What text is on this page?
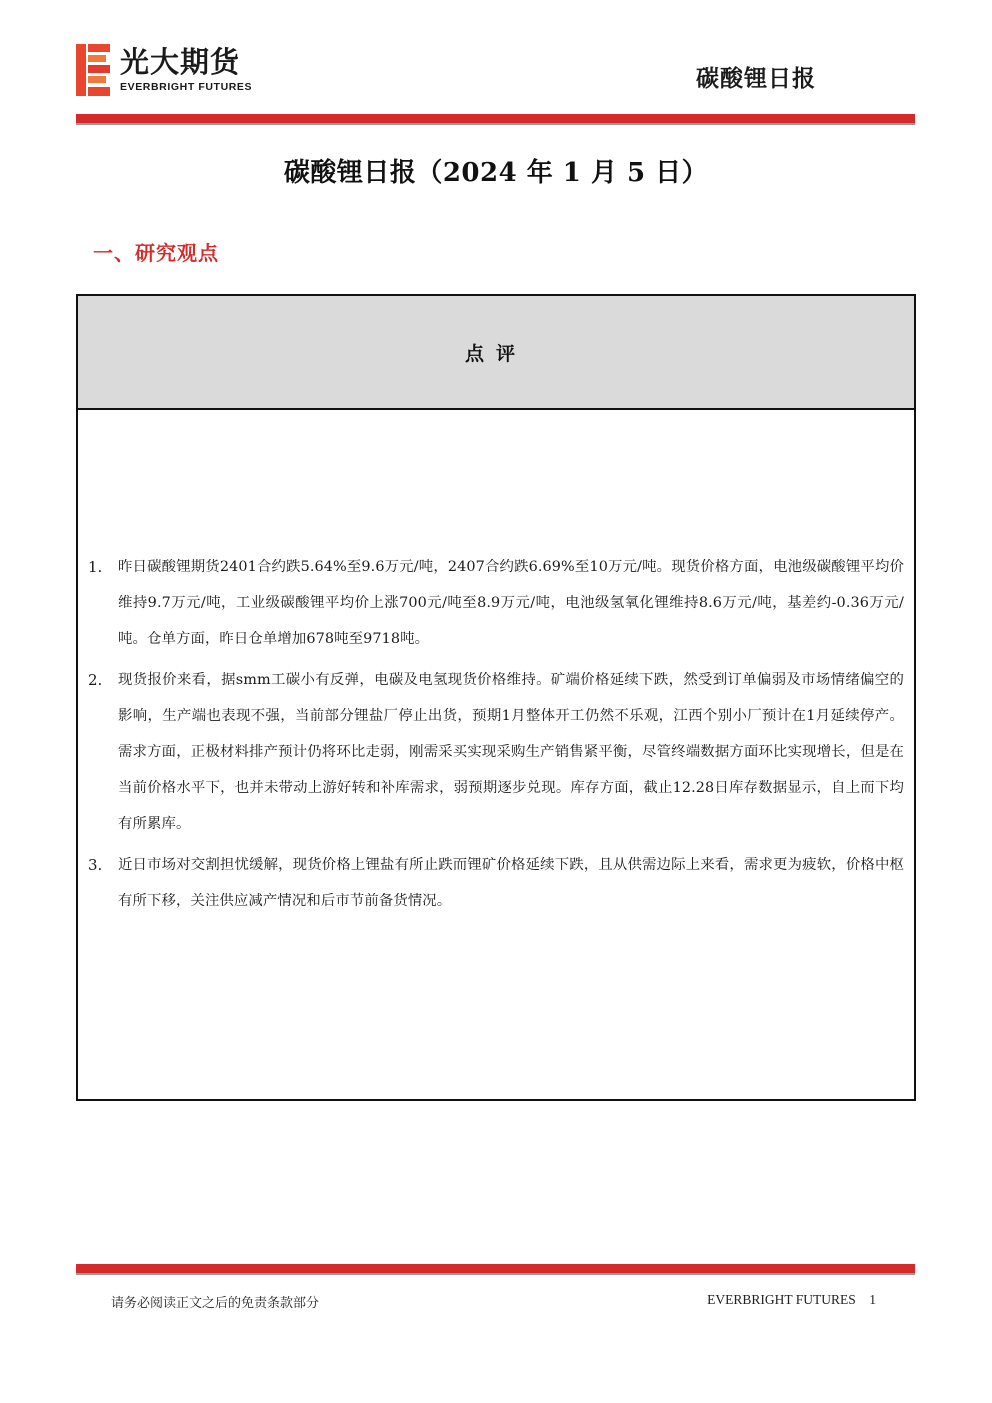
光大期货
EVERBRIGHT FUTURES	碳酸锂日报
碳酸锂日报（2024 年 1 月 5 日）
一、研究观点
点评
1. 昨日碳酸锂期货2401合约跌5.64%至9.6万元/吨，2407合约跌6.69%至10万元/吨。现货价格方面，电池级碳酸锂平均价维持9.7万元/吨，工业级碳酸锂平均价上涨700元/吨至8.9万元/吨，电池级氢氧化锂维持8.6万元/吨，基差约-0.36万元/吨。仓单方面，昨日仓单增加678吨至9718吨。
2. 现货报价来看，据smm工碳小有反弹，电碳及电氢现货价格维持。矿端价格延续下跌，然受到订单偏弱及市场情绪偏空的影响，生产端也表现不强，当前部分锂盐厂停止出货，预期1月整体开工仍然不乐观，江西个别小厂预计在1月延续停产。需求方面，正极材料排产预计仍将环比走弱，刚需采买实现采购生产销售紧平衡，尽管终端数据方面环比实现增长，但是在当前价格水平下，也并未带动上游好转和补库需求，弱预期逐步兑现。库存方面，截止12.28日库存数据显示，自上而下均有所累库。
3. 近日市场对交割担忧缓解，现货价格上锂盐有所止跌而锂矿价格延续下跌，且从供需边际上来看，需求更为疲软，价格中枢有所下移，关注供应减产情况和后市节前备货情况。
请务必阅读正文之后的免责条款部分	EVERBRIGHT FUTURES 1
